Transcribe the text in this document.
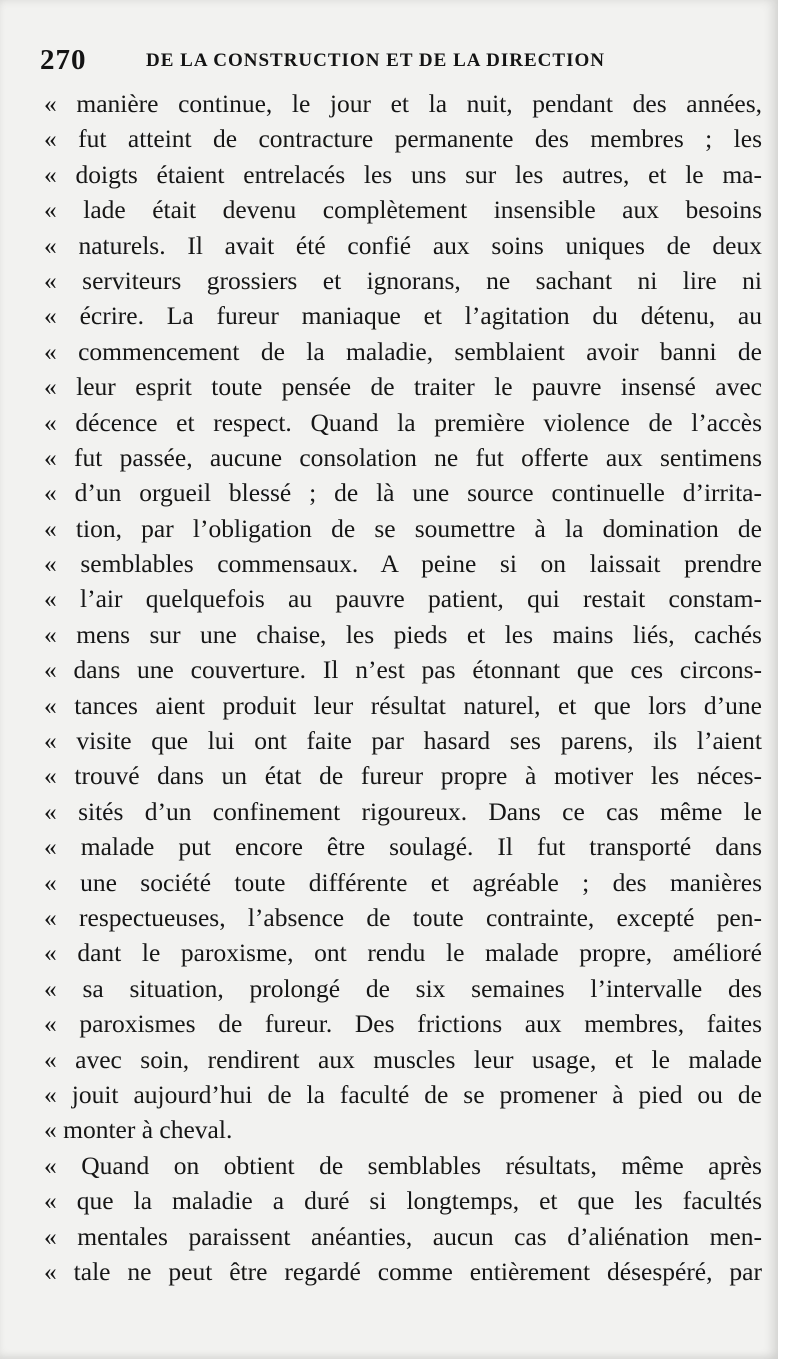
270	DE LA CONSTRUCTION ET DE LA DIRECTION
« manière continue, le jour et la nuit, pendant des années,
« fut atteint de contracture permanente des membres ; les
« doigts étaient entrelacés les uns sur les autres, et le ma-
« lade était devenu complètement insensible aux besoins
« naturels. Il avait été confié aux soins uniques de deux
« serviteurs grossiers et ignorans, ne sachant ni lire ni
« écrire. La fureur maniaque et l’agitation du détenu, au
« commencement de la maladie, semblaient avoir banni de
« leur esprit toute pensée de traiter le pauvre insensé avec
« décence et respect. Quand la première violence de l’accès
« fut passée, aucune consolation ne fut offerte aux sentimens
« d’un orgueil blessé ; de là une source continuelle d’irrita-
« tion, par l’obligation de se soumettre à la domination de
« semblables commensaux. A peine si on laissait prendre
« l’air quelquefois au pauvre patient, qui restait constam-
« mens sur une chaise, les pieds et les mains liés, cachés
« dans une couverture. Il n’est pas étonnant que ces circons-
« tances aient produit leur résultat naturel, et que lors d’une
« visite que lui ont faite par hasard ses parens, ils l’aient
« trouvé dans un état de fureur propre à motiver les néces-
« sités d’un confinement rigoureux. Dans ce cas même le
« malade put encore être soulagé. Il fut transporté dans
« une société toute différente et agréable ; des manières
« respectueuses, l’absence de toute contrainte, excepté pen-
« dant le paroxisme, ont rendu le malade propre, amélioré
« sa situation, prolongé de six semaines l’intervalle des
« paroxismes de fureur. Des frictions aux membres, faites
« avec soin, rendirent aux muscles leur usage, et le malade
« jouit aujourd’hui de la faculté de se promener à pied ou de
« monter à cheval.
« Quand on obtient de semblables résultats, même après
« que la maladie a duré si longtemps, et que les facultés
« mentales paraissent anéanties, aucun cas d’aliénation men-
« tale ne peut être regardé comme entièrement désespéré, par
